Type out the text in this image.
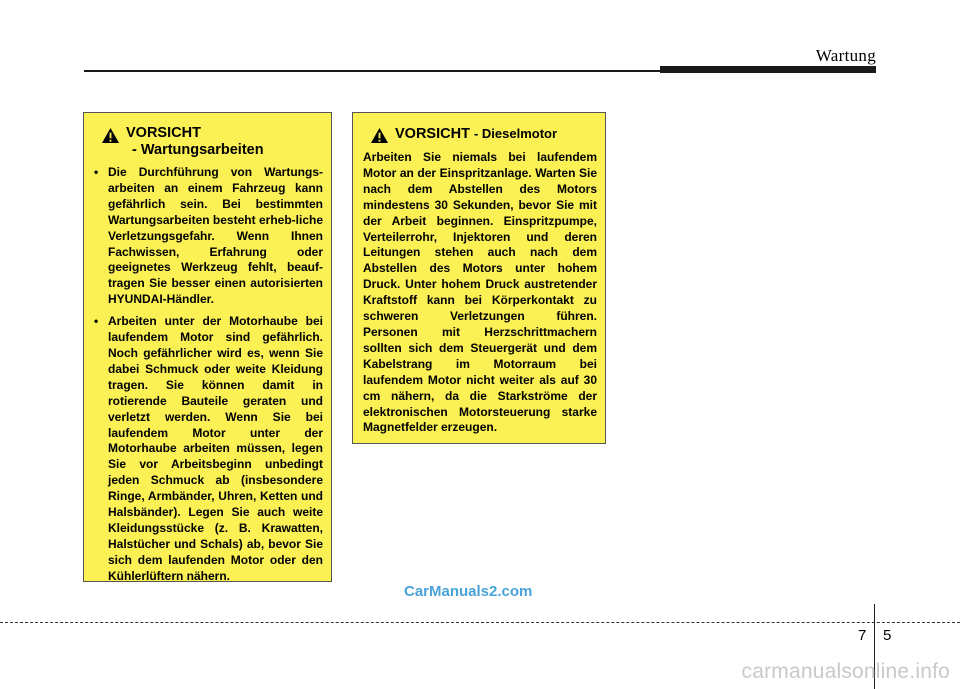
Wartung
VORSICHT
- Wartungsarbeiten
• Die Durchführung von Wartungs-arbeiten an einem Fahrzeug kann gefährlich sein. Bei bestimmten Wartungsarbeiten besteht erheb-liche Verletzungsgefahr. Wenn Ihnen Fachwissen, Erfahrung oder geeignetes Werkzeug fehlt, beauf-tragen Sie besser einen autorisierten HYUNDAI-Händler.
• Arbeiten unter der Motorhaube bei laufendem Motor sind gefährlich. Noch gefährlicher wird es, wenn Sie dabei Schmuck oder weite Kleidung tragen. Sie können damit in rotierende Bauteile geraten und verletzt werden. Wenn Sie bei laufendem Motor unter der Motorhaube arbeiten müssen, legen Sie vor Arbeitsbeginn unbedingt jeden Schmuck ab (insbesondere Ringe, Armbänder, Uhren, Ketten und Halsbänder). Legen Sie auch weite Kleidungsstücke (z. B. Krawatten, Halstücher und Schals) ab, bevor Sie sich dem laufenden Motor oder den Kühlerlüftern nähern.
VORSICHT - Dieselmotor
Arbeiten Sie niemals bei laufendem Motor an der Einspritzanlage. Warten Sie nach dem Abstellen des Motors mindestens 30 Sekunden, bevor Sie mit der Arbeit beginnen. Einspritzpumpe, Verteilerrohr, Injektoren und deren Leitungen stehen auch nach dem Abstellen des Motors unter hohem Druck. Unter hohem Druck austretender Kraftstoff kann bei Körperkontakt zu schweren Verletzungen führen. Personen mit Herzschrittmachern sollten sich dem Steuergerät und dem Kabelstrang im Motorraum bei laufendem Motor nicht weiter als auf 30 cm nähern, da die Starkströme der elektronischen Motorsteuerung starke Magnetfelder erzeugen.
CarManuals2.com
7 5
carmanualsonline.info
